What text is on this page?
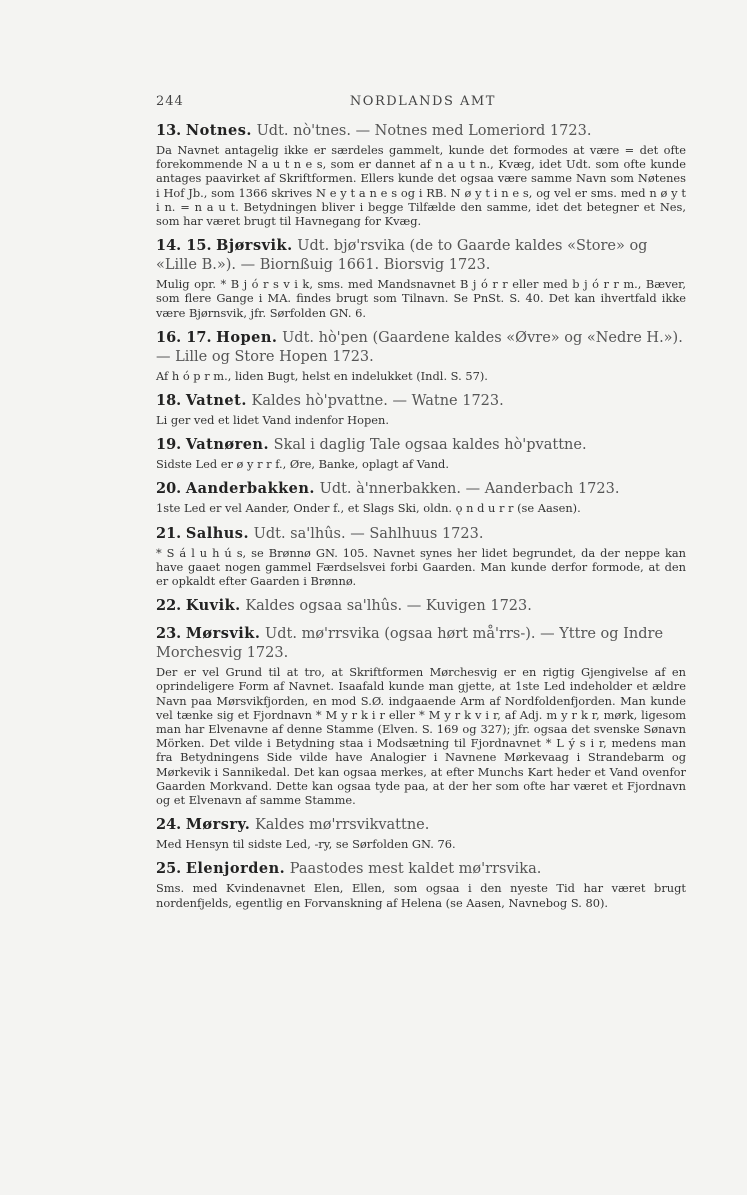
244	NORDLANDS AMT

13. Notnes. Udt. nò'tnes. — Notnes med Lomeriord 1723.

Da Navnet antagelig ikke er særdeles gammelt, kunde det formodes at være = det ofte forekommende N a u t n e s, som er dannet af n a u t n., Kvæg, idet Udt. som ofte kunde antages paavirket af Skriftformen. Ellers kunde det ogsaa være samme Navn som Nøtenes i Hof Jb., som 1366 skrives N e y t a n e s og i RB. N ø y t i n e s, og vel er sms. med n ø y t i n. = n a u t. Betydningen bliver i begge Tilfælde den samme, idet det betegner et Nes, som har været brugt til Havnegang for Kvæg.

14. 15. Bjørsvik. Udt. bjø'rsvika (de to Gaarde kaldes «Store» og «Lille B.»). — Biornßuig 1661. Biorsvig 1723.

Mulig opr. * B j ó r s v i k, sms. med Mandsnavnet B j ó r r eller med b j ó r r m., Bæver, som flere Gange i MA. findes brugt som Tilnavn. Se PnSt. S. 40. Det kan ihvertfald ikke være Bjørnsvik, jfr. Sørfolden GN. 6.

16. 17. Hopen. Udt. hò'pen (Gaardene kaldes «Øvre» og «Nedre H.»). — Lille og Store Hopen 1723.

Af h ó p r m., liden Bugt, helst en indelukket (Indl. S. 57).

18. Vatnet. Kaldes hò'pvattne. — Watne 1723.

Li ger ved et lidet Vand indenfor Hopen.

19. Vatnøren. Skal i daglig Tale ogsaa kaldes hò'pvattne.

Sidste Led er ø y r r f., Øre, Banke, oplagt af Vand.

20. Aanderbakken. Udt. à'nnerbakken. — Aanderbach 1723.

1ste Led er vel Aander, Onder f., et Slags Ski, oldn. ǫ n d u r r (se Aasen).

21. Salhus. Udt. sa'lhûs. — Sahlhuus 1723.

* S á l u h ú s, se Brønnø GN. 105. Navnet synes her lidet begrundet, da der neppe kan have gaaet nogen gammel Færdselsvei forbi Gaarden. Man kunde derfor formode, at den er opkaldt efter Gaarden i Brønnø.

22. Kuvik. Kaldes ogsaa sa'lhûs. — Kuvigen 1723.

23. Mørsvik. Udt. mø'rrsvika (ogsaa hørt må'rrs-). — Yttre og Indre Morchesvig 1723.

Der er vel Grund til at tro, at Skriftformen Mørchesvig er en rigtig Gjengivelse af en oprindeligere Form af Navnet. Isaafald kunde man gjette, at 1ste Led indeholder et ældre Navn paa Mørsvikfjorden, en mod S.Ø. indgaaende Arm af Nordfoldenfjorden. Man kunde vel tænke sig et Fjordnavn * M y r k i r eller * M y r k v i r, af Adj. m y r k r, mørk, ligesom man har Elvenavne af denne Stamme (Elven. S. 169 og 327); jfr. ogsaa det svenske Sønavn Mörken. Det vilde i Betydning staa i Modsætning til Fjordnavnet * L ý s i r, medens man fra Betydningens Side vilde have Analogier i Navnene Mørkevaag i Strandebarm og Mørkevik i Sannikedal. Det kan ogsaa merkes, at efter Munchs Kart heder et Vand ovenfor Gaarden Morkvand. Dette kan ogsaa tyde paa, at der her som ofte har været et Fjordnavn og et Elvenavn af samme Stamme.

24. Mørsry. Kaldes mø'rrsvikvattne.

Med Hensyn til sidste Led, -ry, se Sørfolden GN. 76.

25. Elenjorden. Paastodes mest kaldet mø'rrsvika.

Sms. med Kvindenavnet Elen, Ellen, som ogsaa i den nyeste Tid har været brugt nordenfjelds, egentlig en Forvanskning af Helena (se Aasen, Navnebog S. 80).
